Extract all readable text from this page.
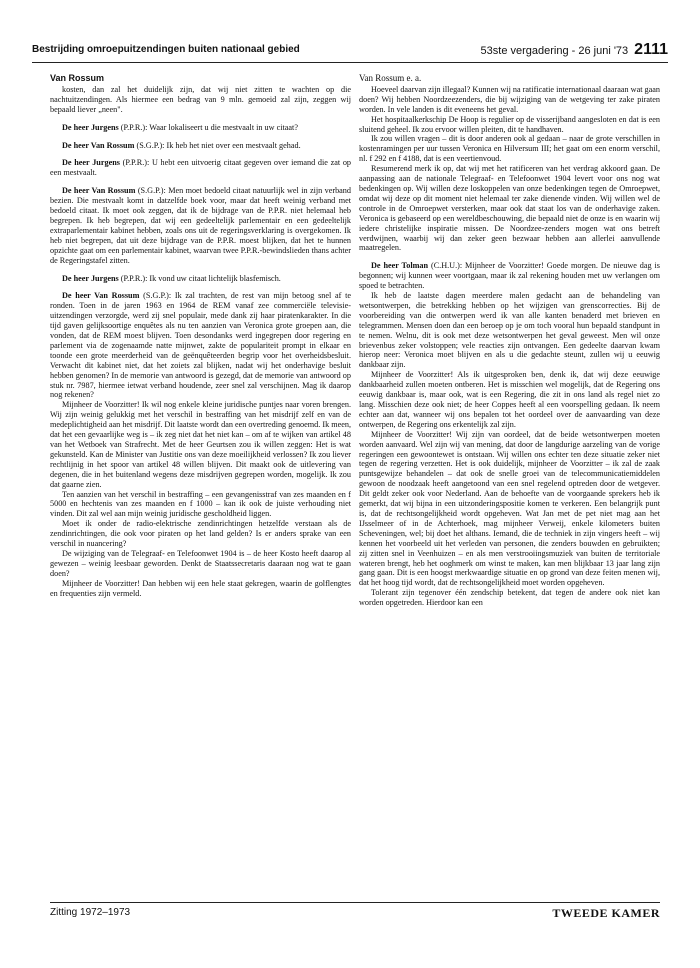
Bestrijding omroepuitzendingen buiten nationaal gebied	53ste vergadering - 26 juni '73 2111

Van Rossum

kosten, dan zal het duidelijk zijn, dat wij niet zitten te wachten op die nachtuitzendingen. Als hiermee een bedrag van 9 mln. gemoeid zal zijn, zeggen wij bepaald liever „neen".

De heer Jurgens (P.P.R.): Waar lokaliseert u die mestvaalt in uw citaat?

De heer Van Rossum (S.G.P.): Ik heb het niet over een mestvaalt gehad.

De heer Jurgens (P.P.R.): U hebt een uitvoerig citaat gegeven over iemand die zat op een mestvaalt.

De heer Van Rossum (S.G.P.): Men moet bedoeld citaat natuurlijk wel in zijn verband bezien. Die mestvaalt komt in datzelfde boek voor, maar dat heeft weinig verband met bedoeld citaat. Ik moet ook zeggen, dat ik de bijdrage van de P.P.R. niet helemaal heb begrepen. Ik heb begrepen, dat wij een gedeeltelijk parlementair en een gedeeltelijk extraparlementair kabinet hebben, zoals ons uit de regeringsverklaring is overgekomen. Ik heb niet begrepen, dat uit deze bijdrage van de P.P.R. moest blijken, dat het te hunnen opzichte gaat om een parlementair kabinet, waarvan twee P.P.R.-bewindslieden thans achter de Regeringstafel zitten.

De heer Jurgens (P.P.R.): Ik vond uw citaat lichtelijk blasfemisch.

De heer Van Rossum (S.G.P.): Ik zal trachten, de rest van mijn betoog snel af te ronden. Toen in de jaren 1963 en 1964 de REM vanaf zee commerciële televisie-uitzendingen verzorgde, werd zij snel populair, mede dank zij haar piratenkarakter. In die tijd gaven gelijksoortige enquêtes als nu ten aanzien van Veronica grote groepen aan, die vonden, dat de REM moest blijven. Toen desondanks werd ingegrepen door regering en parlement via de zogenaamde natte mijnwet, zakte de populariteit prompt in elkaar en toonde een grote meerderheid van de geënquêteerden begrip voor het overheidsbesluit. Verwacht dit kabinet niet, dat het zoiets zal blijken, nadat wij het onderhavige besluit hebben genomen? In de memorie van antwoord is gezegd, dat de memorie van antwoord op stuk nr. 7987, hiermee ietwat verband houdende, zeer snel zal verschijnen. Mag ik daarop nog rekenen?

Mijnheer de Voorzitter! Ik wil nog enkele kleine juridische puntjes naar voren brengen. Wij zijn weinig gelukkig met het verschil in bestraffing van het misdrijf zelf en van de medeplichtigheid aan het misdrijf. Dit laatste wordt dan een overtreding genoemd. Ik meen, dat het een gevaarlijke weg is – ik zeg niet dat het niet kan – om af te wijken van artikel 48 van het Wetboek van Strafrecht. Met de heer Geurtsen zou ik willen zeggen: Het is wat gekunsteld. Kan de Minister van Justitie ons van deze moeilijkheid verlossen? Ik zou liever rechtlijnig in het spoor van artikel 48 willen blijven. Dit maakt ook de uitlevering van degenen, die in het buitenland wegens deze misdrijven gegrepen worden, mogelijk. Ik zou dat gaarne zien.

Ten aanzien van het verschil in bestraffing – een gevangenisstraf van zes maanden en f 5000 en hechtenis van zes maanden en f 1000 – kan ik ook de juiste verhouding niet vinden. Dit zal wel aan mijn weinig juridische gescholdheid liggen.

Moet ik onder de radio-elektrische zendinrichtingen hetzelfde verstaan als de zendinrichtingen, die ook voor piraten op het land gelden? Is er anders sprake van een verschil in nuancering?

De wijziging van de Telegraaf- en Telefoonwet 1904 is – de heer Kosto heeft daarop al gewezen – weinig leesbaar geworden. Denkt de Staatssecretaris daaraan nog wat te gaan doen?

Mijnheer de Voorzitter! Dan hebben wij een hele staat gekregen, waarin de golflengtes en frequenties zijn vermeld.

Van Rossum e. a.

Hoeveel daarvan zijn illegaal? Kunnen wij na ratificatie internationaal daaraan wat gaan doen? Wij hebben Noordzeezenders, die bij wijziging van de wetgeving ter zake piraten worden. In vele landen is dit eveneens het geval.

Het hospitaalkerkschip De Hoop is regulier op de visserijband aangesloten en dat is een sluitend geheel. Ik zou ervoor willen pleiten, dit te handhaven.

Ik zou willen vragen – dit is door anderen ook al gedaan – naar de grote verschillen in kostenramingen per uur tussen Veronica en Hilversum III; het gaat om een enorm verschil, nl. f 292 en f 4188, dat is een veertienvoud.

Resumerend merk ik op, dat wij met het ratificeren van het verdrag akkoord gaan. De aanpassing aan de nationale Telegraaf- en Telefoonwet 1904 levert voor ons nog wat bedenkingen op. Wij willen deze loskoppelen van onze bedenkingen tegen de Omroepwet, omdat wij deze op dit moment niet helemaal ter zake dienende vinden. Wij willen wel de controle in de Omroepwet versterken, maar ook dat staat los van de onderhavige zaken. Veronica is gebaseerd op een wereldbeschouwing, die bepaald niet de onze is en waarin wij iedere christelijke inspiratie missen. De Noordzee-zenders mogen wat ons betreft verdwijnen, waarbij wij dan zeker geen bezwaar hebben aan allerlei aanvullende maatregelen.

De heer Tolman (C.H.U.): Mijnheer de Voorzitter! Goede morgen. De nieuwe dag is begonnen; wij kunnen weer voortgaan, maar ik zal rekening houden met uw verlangen om spoed te betrachten.

Ik heb de laatste dagen meerdere malen gedacht aan de behandeling van wetsontwerpen, die betrekking hebben op het wijzigen van grenscorrecties. Bij de voorbereiding van die ontwerpen werd ik van alle kanten benaderd met brieven en telegrammen. Mensen doen dan een beroep op je om toch vooral hun bepaald standpunt in te nemen. Welnu, dit is ook met deze wetsontwerpen het geval geweest. Men wil onze brievenbus zeker volstoppen; vele reacties zijn ontvangen. Een gedeelte daarvan kwam hierop neer: Veronica moet blijven en als u die gedachte steunt, zullen wij u eeuwig dankbaar zijn.

Mijnheer de Voorzitter! Als ik uitgesproken ben, denk ik, dat wij deze eeuwige dankbaarheid zullen moeten ontberen. Het is misschien wel mogelijk, dat de Regering ons eeuwig dankbaar is, maar ook, wat is een Regering, die zit in ons land als regel niet zo lang. Misschien deze ook niet; de heer Coppes heeft al een voorspelling gedaan. Ik neem echter aan dat, wanneer wij ons bepalen tot het oordeel over de aanvaarding van deze ontwerpen, de Regering ons erkentelijk zal zijn.

Mijnheer de Voorzitter! Wij zijn van oordeel, dat de beide wetsontwerpen moeten worden aanvaard. Wel zijn wij van mening, dat door de langdurige aarzeling van de vorige regeringen een gewoontewet is ontstaan. Wij willen ons echter ten deze situatie zeker niet tegen de regering verzetten. Het is ook duidelijk, mijnheer de Voorzitter – ik zal de zaak puntsgewijze behandelen – dat ook de snelle groei van de telecommunicatiemiddelen gewoon de noodzaak heeft aangetoond van een snel regelend optreden door de wetgever. Dit geldt zeker ook voor Nederland. Aan de behoefte van de voorgaande sprekers heb ik gemerkt, dat wij bijna in een uitzonderingspositie komen te verkeren. Een belangrijk punt is, dat de rechtsongelijkheid wordt opgeheven. Wat Jan met de pet niet mag aan het IJsselmeer of in de Achterhoek, mag mijnheer Verweij, enkele kilometers buiten Scheveningen, wel; bij doet het althans. Iemand, die de techniek in zijn vingers heeft – wij kennen het voorbeeld uit het verleden van personen, die zenders bouwden en gebruikten; zij zitten snel in Veenhuizen – en als men verstrooiingsmuziek van buiten de territoriale wateren brengt, heb het ooghmerk om winst te maken, kan men blijkbaar 13 jaar lang zijn gang gaan. Dit is een hoogst merkwaardige situatie en op grond van deze feiten menen wij, dat het hoog tijd wordt, dat de rechtsongelijkheid moet worden opgeheven.

Tolerant zijn tegenover één zendschip betekent, dat tegen de andere ook niet kan worden opgetreden. Hierdoor kan een

Zitting 1972–1973	TWEEDE KAMER
